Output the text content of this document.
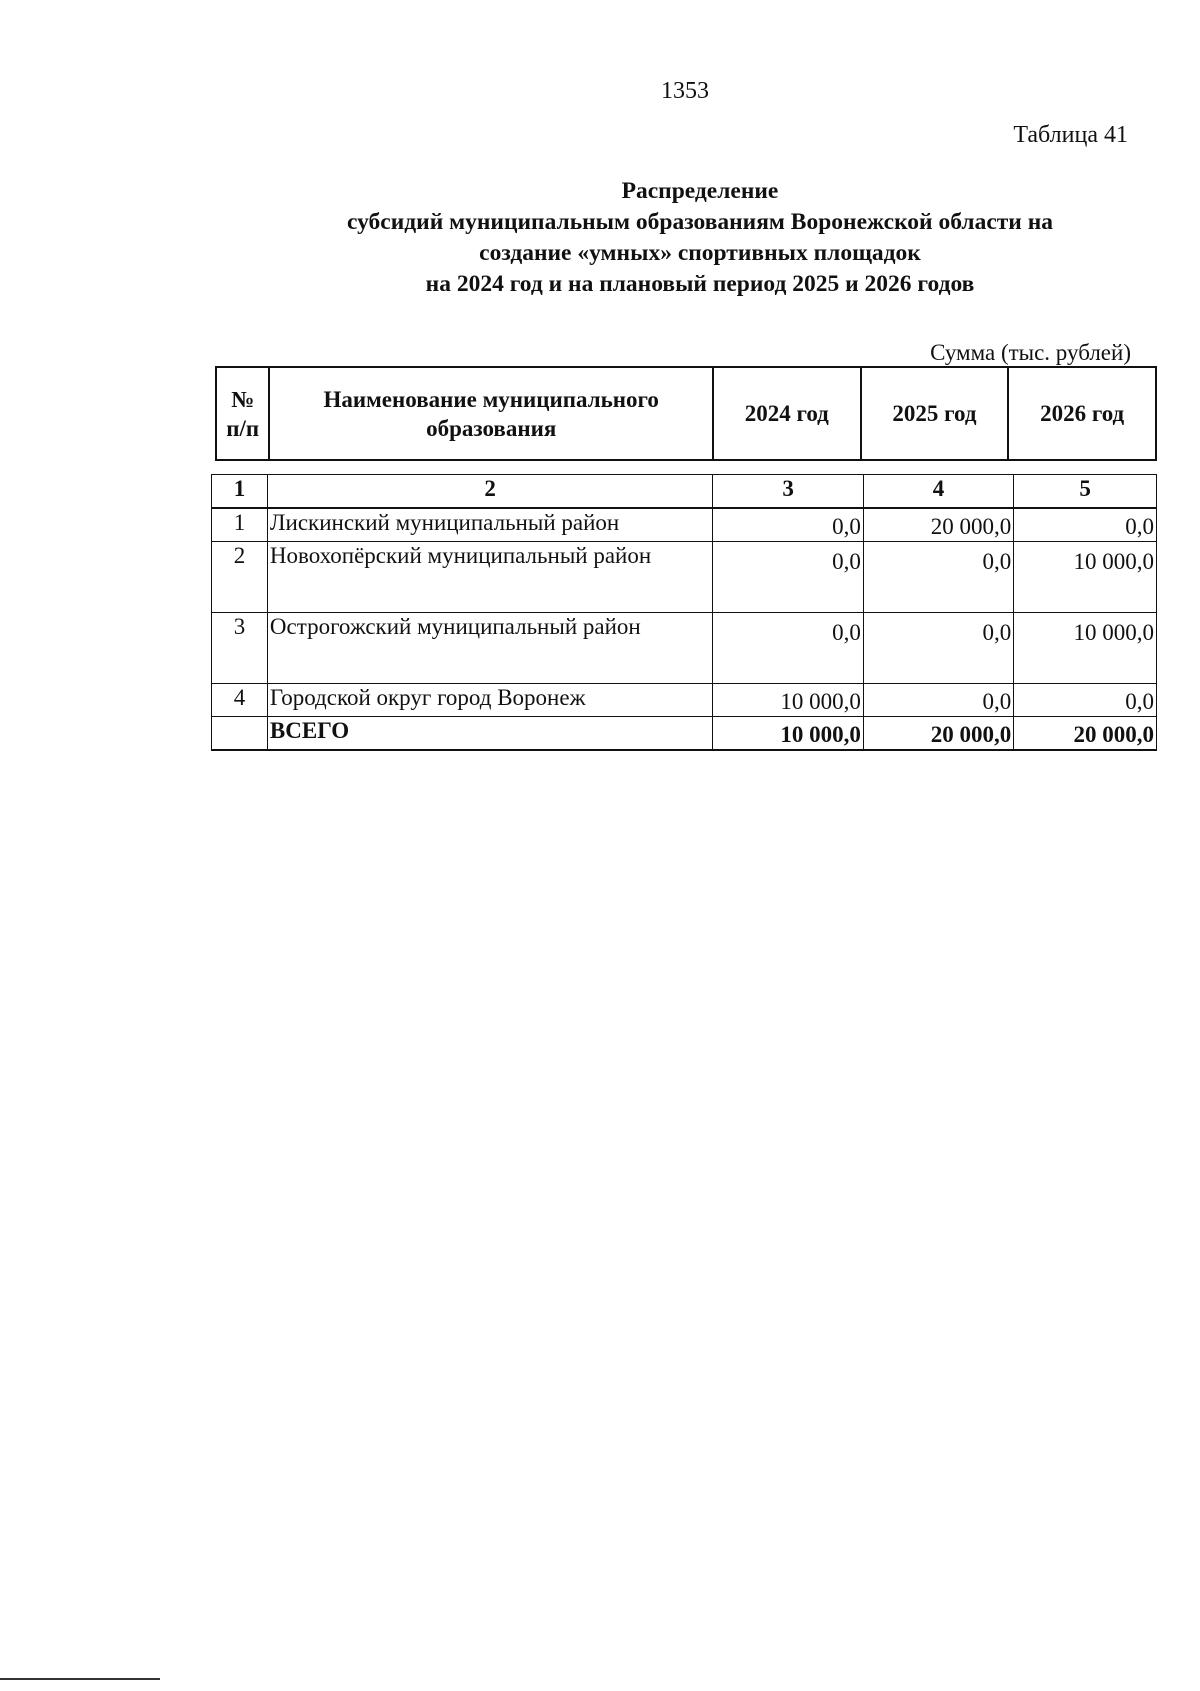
1353
Таблица 41
Распределение
субсидий муниципальным образованиям Воронежской области на
создание «умных» спортивных площадок
на 2024 год и на плановый период 2025 и 2026 годов
Сумма (тыс. рублей)
№ п/п	Наименование муниципального образования	2024 год	2025 год	2026 год
1	2	3	4	5
1	Лискинский муниципальный район	0,0	20 000,0	0,0
2	Новохопёрский муниципальный район	0,0	0,0	10 000,0
3	Острогожский муниципальный район	0,0	0,0	10 000,0
4	Городской округ город Воронеж	10 000,0	0,0	0,0
	ВСЕГО	10 000,0	20 000,0	20 000,0
